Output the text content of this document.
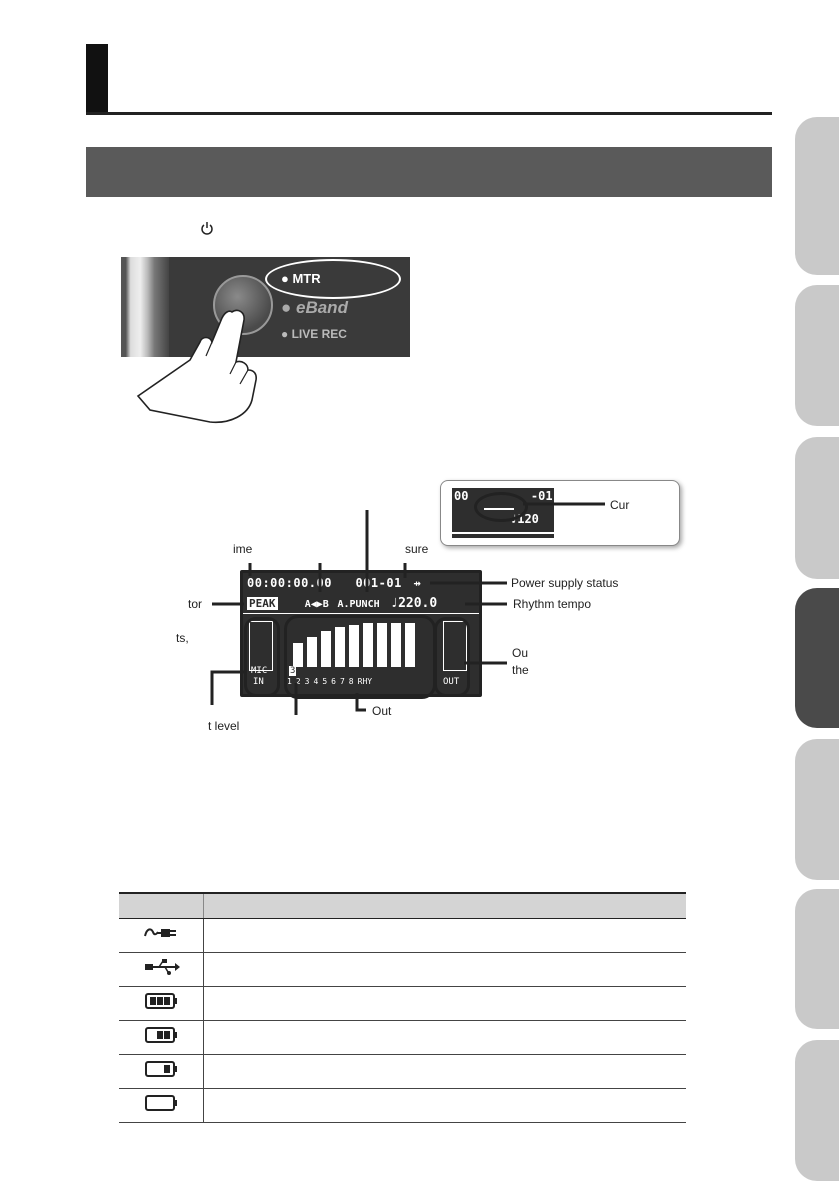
● MTR
● eBand
● LIVE REC
00:00:00.00 001-01 ⇸
PEAK	A◀▶B A.PUNCH ♩220.0
MIC
IN
3
1 2 3 4 5 6 7 8 RHY	OUT
00	-01
♩120
ime	sure
Cur
Power supply status
Rhythm tempo
tor
ts,
Ou
the
Out
t level
